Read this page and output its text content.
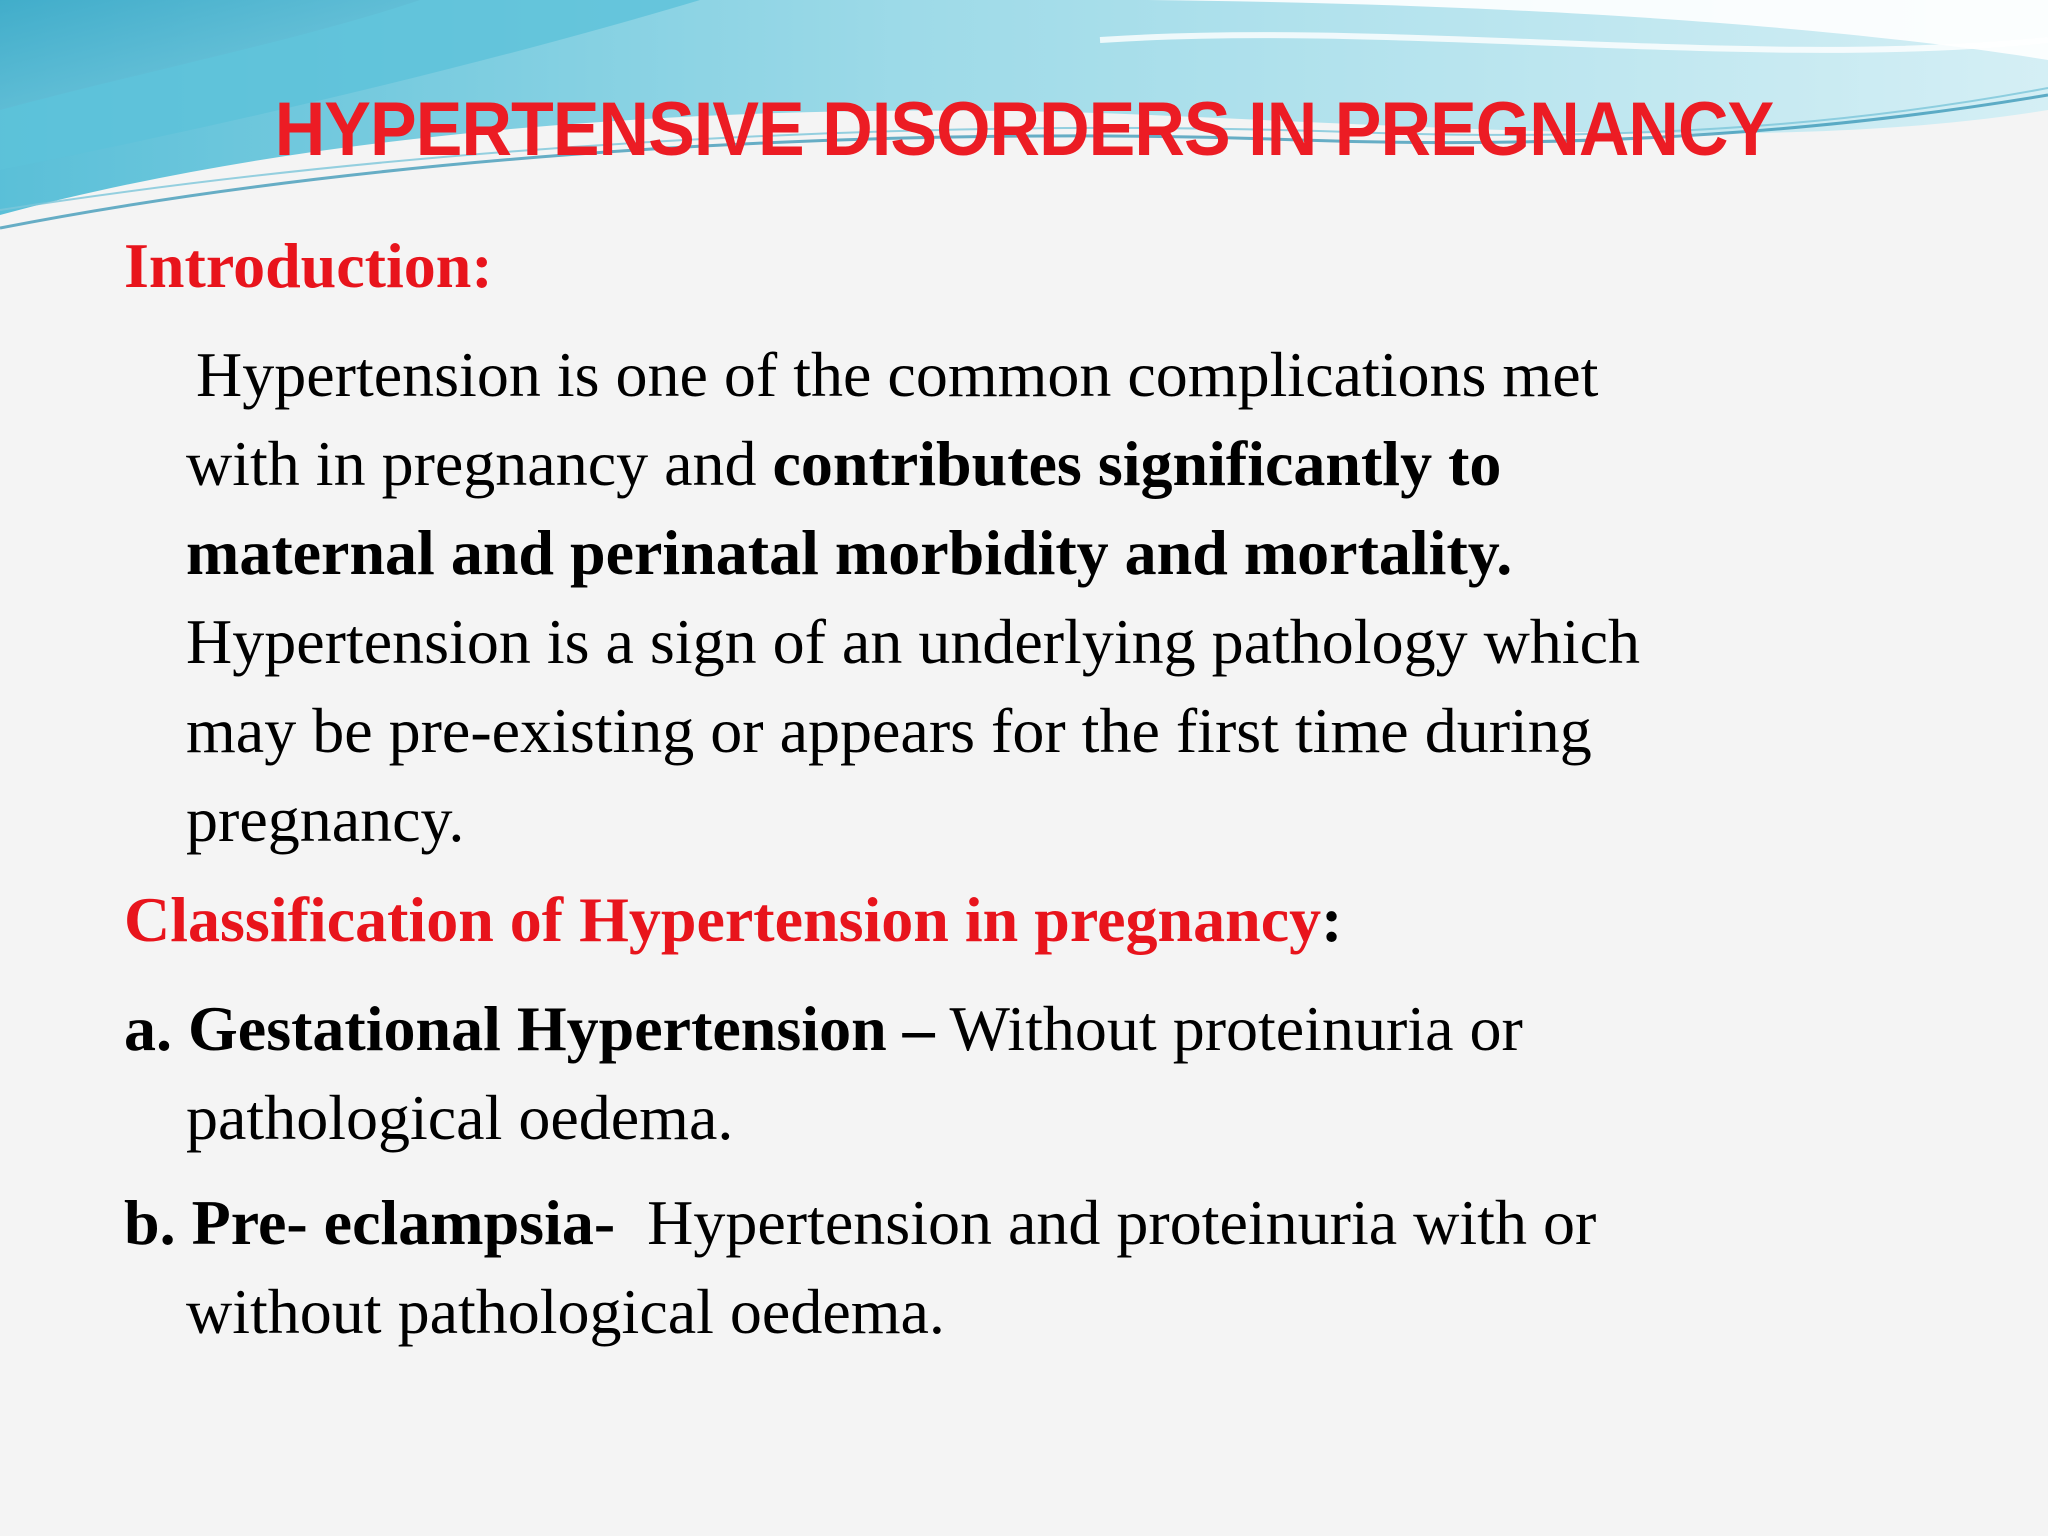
HYPERTENSIVE DISORDERS IN PREGNANCY
Introduction:
Hypertension is one of the common complications met
with in pregnancy and contributes significantly to
maternal and perinatal morbidity and mortality.
Hypertension is a sign of an underlying pathology which
may be pre-existing or appears for the first time during
pregnancy.
Classification of Hypertension in pregnancy:
a. Gestational Hypertension – Without proteinuria or
pathological oedema.
b. Pre- eclampsia-  Hypertension and proteinuria with or
without pathological oedema.
